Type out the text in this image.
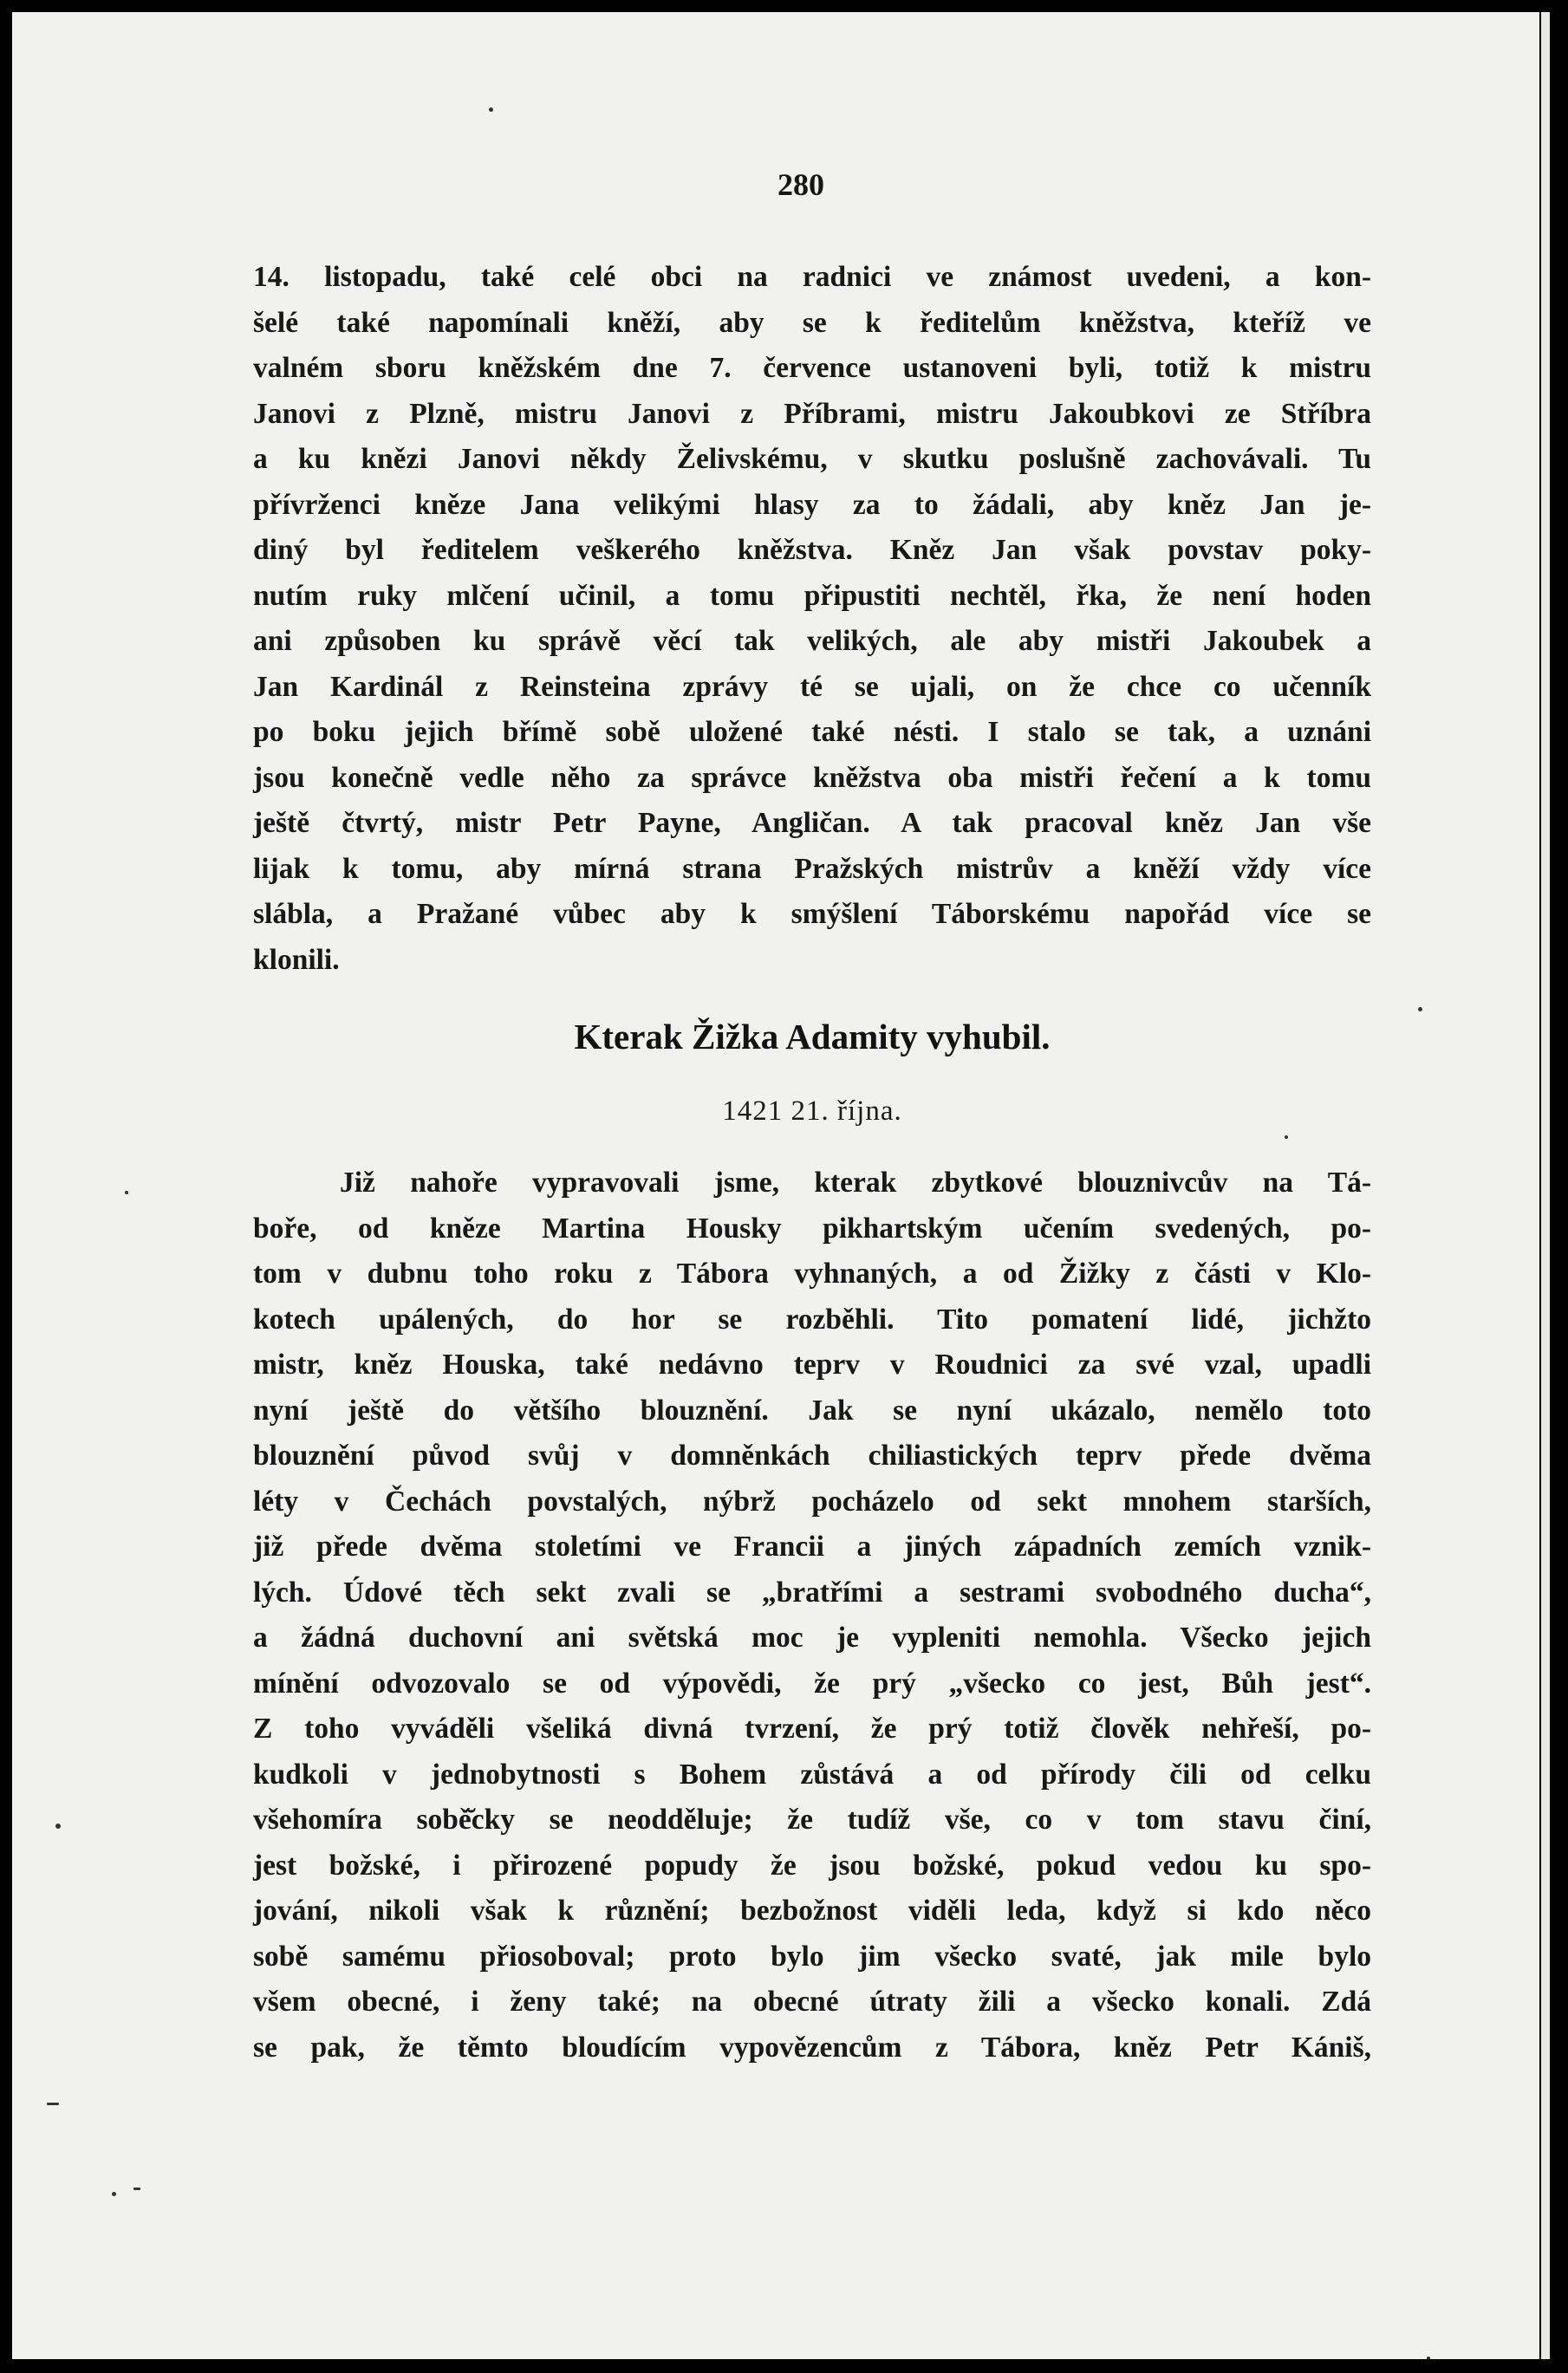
280
14. listopadu, také celé obci na radnici ve známost uvedeni, a kon-
šelé také napomínali kněží, aby se k ředitelům kněžstva, kteříž ve
valném sboru kněžském dne 7. července ustanoveni byli, totiž k mistru
Janovi z Plzně, mistru Janovi z Příbrami, mistru Jakoubkovi ze Stříbra
a ku knězi Janovi někdy Želivskému, v skutku poslušně zachovávali. Tu
přívrženci kněze Jana velikými hlasy za to žádali, aby kněz Jan je-
diný byl ředitelem veškerého kněžstva. Kněz Jan však povstav poky-
nutím ruky mlčení učinil, a tomu připustiti nechtěl, řka, že není hoden
ani způsoben ku správě věcí tak velikých, ale aby mistři Jakoubek a
Jan Kardinál z Reinsteina zprávy té se ujali, on že chce co učenník
po boku jejich břímě sobě uložené také nésti. I stalo se tak, a uznáni
jsou konečně vedle něho za správce kněžstva oba mistři řečení a k tomu
ještě čtvrtý, mistr Petr Payne, Angličan. A tak pracoval kněz Jan vše
lijak k tomu, aby mírná strana Pražských mistrův a kněží vždy více
slábla, a Pražané vůbec aby k smýšlení Táborskému napořád více se
klonili.
Kterak Žižka Adamity vyhubil.
1421 21. října.
Již nahoře vypravovali jsme, kterak zbytkové blouznivcův na Tá-
boře, od kněze Martina Housky pikhartským učením svedených, po-
tom v dubnu toho roku z Tábora vyhnaných, a od Žižky z části v Klo-
kotech upálených, do hor se rozběhli. Tito pomatení lidé, jichžto
mistr, kněz Houska, také nedávno teprv v Roudnici za své vzal, upadli
nyní ještě do většího blouznění. Jak se nyní ukázalo, nemělo toto
blouznění původ svůj v domněnkách chiliastických teprv přede dvěma
léty v Čechách povstalých, nýbrž pocházelo od sekt mnohem starších,
již přede dvěma stoletími ve Francii a jiných západních zemích vznik-
lých. Údové těch sekt zvali se „bratřími a sestrami svobodného ducha“,
a žádná duchovní ani světská moc je vypleniti nemohla. Všecko jejich
mínění odvozovalo se od výpovědi, že prý „všecko co jest, Bůh jest“.
Z toho vyváděli všeliká divná tvrzení, že prý totiž člověk nehřeší, po-
kudkoli v jednobytnosti s Bohem zůstává a od přírody čili od celku
všehomíra sobě̆cky se neodděluje; že tudíž vše, co v tom stavu činí,
jest božské, i přirozené popudy že jsou božské, pokud vedou ku spo-
jování, nikoli však k různění; bezbožnost viděli leda, když si kdo něco
sobě samému přiosoboval; proto bylo jim všecko svaté, jak mile bylo
všem obecné, i ženy také; na obecné útraty žili a všecko konali. Zdá
se pak, že těmto bloudícím vypovězencům z Tábora, kněz Petr Kániš,
